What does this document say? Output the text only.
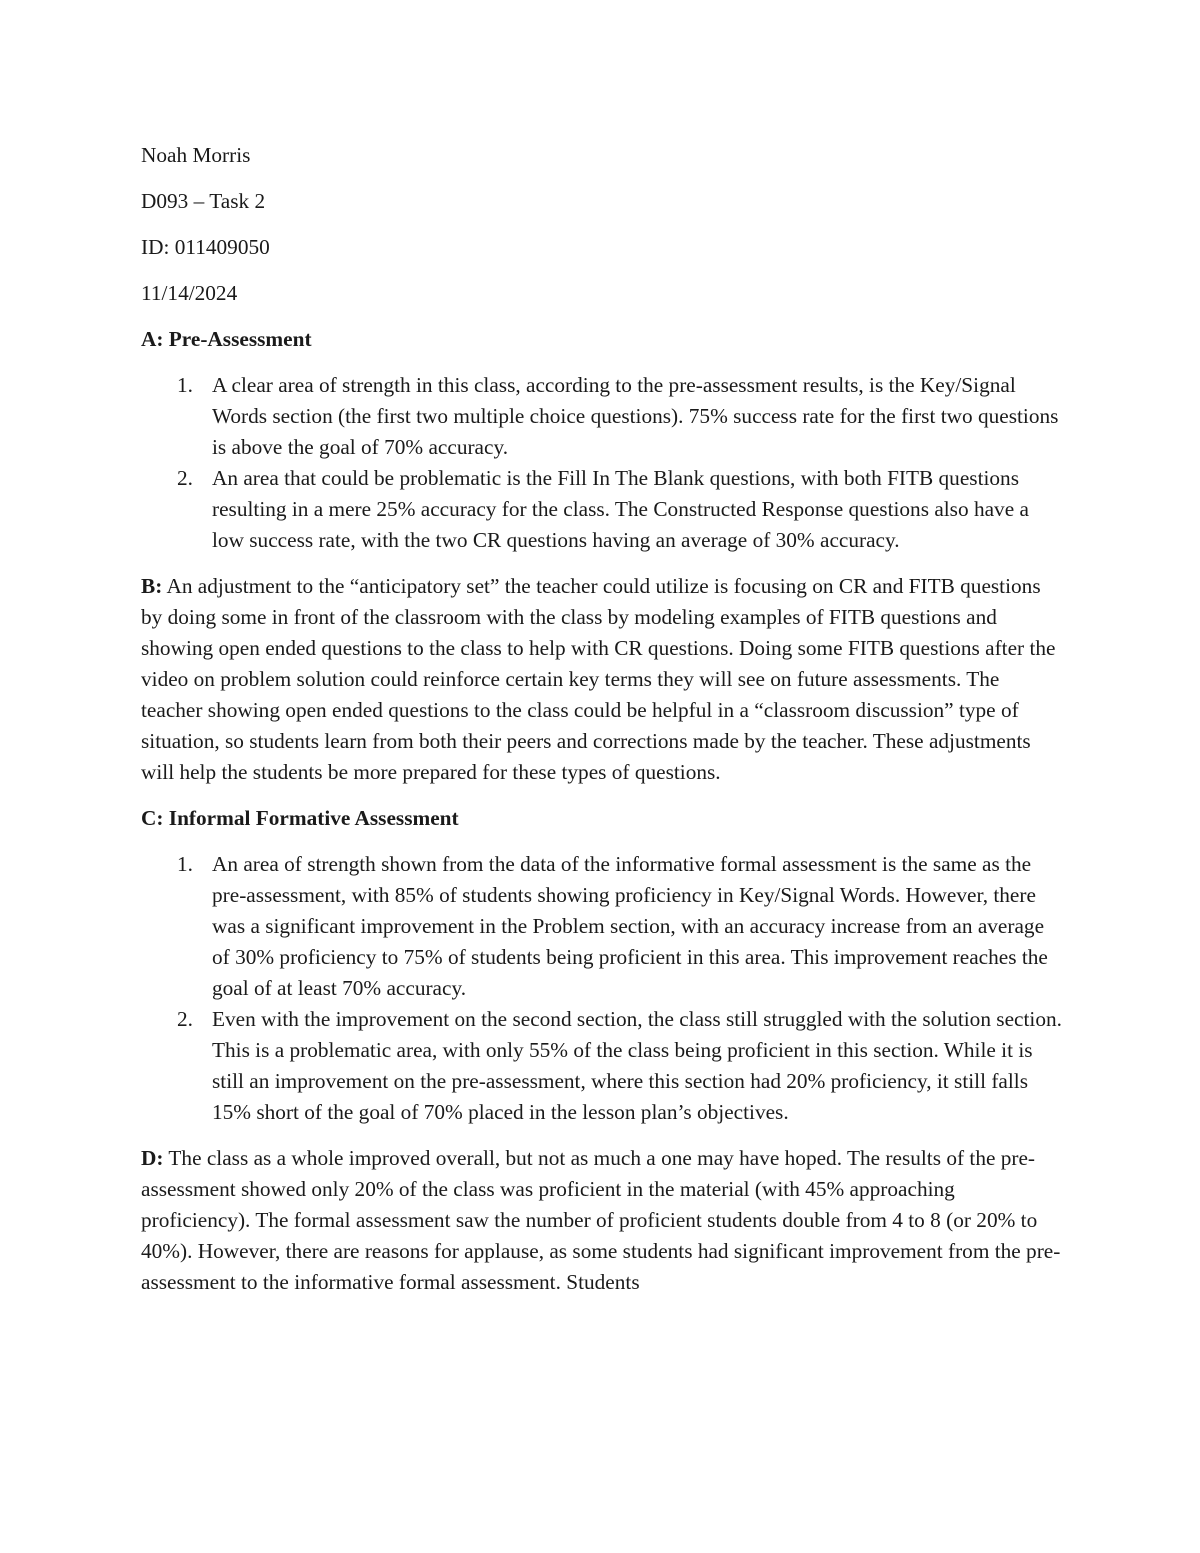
Noah Morris
D093 – Task 2
ID: 011409050
11/14/2024
A: Pre-Assessment
1. A clear area of strength in this class, according to the pre-assessment results, is the Key/Signal Words section (the first two multiple choice questions). 75% success rate for the first two questions is above the goal of 70% accuracy.
2. An area that could be problematic is the Fill In The Blank questions, with both FITB questions resulting in a mere 25% accuracy for the class. The Constructed Response questions also have a low success rate, with the two CR questions having an average of 30% accuracy.

B: An adjustment to the “anticipatory set” the teacher could utilize is focusing on CR and FITB questions by doing some in front of the classroom with the class by modeling examples of FITB questions and showing open ended questions to the class to help with CR questions. Doing some FITB questions after the video on problem solution could reinforce certain key terms they will see on future assessments. The teacher showing open ended questions to the class could be helpful in a “classroom discussion” type of situation, so students learn from both their peers and corrections made by the teacher. These adjustments will help the students be more prepared for these types of questions.

C: Informal Formative Assessment
1. An area of strength shown from the data of the informative formal assessment is the same as the pre-assessment, with 85% of students showing proficiency in Key/Signal Words. However, there was a significant improvement in the Problem section, with an accuracy increase from an average of 30% proficiency to 75% of students being proficient in this area. This improvement reaches the goal of at least 70% accuracy.
2. Even with the improvement on the second section, the class still struggled with the solution section. This is a problematic area, with only 55% of the class being proficient in this section. While it is still an improvement on the pre-assessment, where this section had 20% proficiency, it still falls 15% short of the goal of 70% placed in the lesson plan’s objectives.

D: The class as a whole improved overall, but not as much a one may have hoped. The results of the pre-assessment showed only 20% of the class was proficient in the material (with 45% approaching proficiency). The formal assessment saw the number of proficient students double from 4 to 8 (or 20% to 40%). However, there are reasons for applause, as some students had significant improvement from the pre-assessment to the informative formal assessment. Students
